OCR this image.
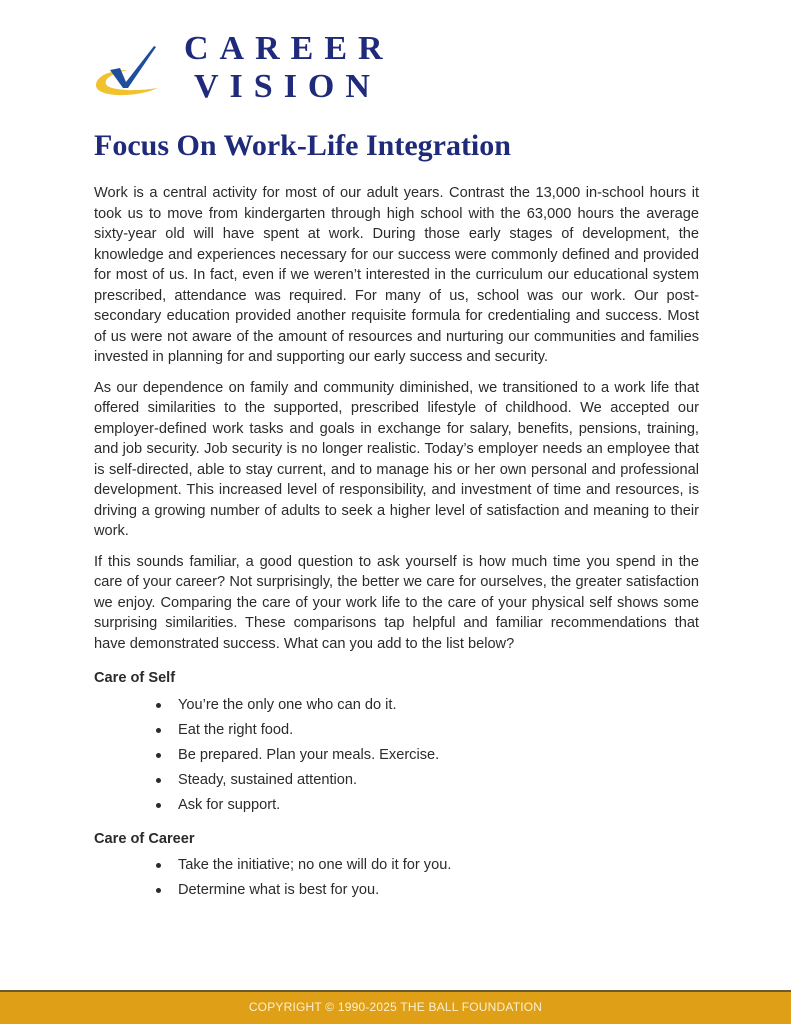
CAREER
VISION
Focus On Work-Life Integration

Work is a central activity for most of our adult years. Contrast the 13,000 in-school hours it took us to move from kindergarten through high school with the 63,000 hours the average sixty-year old will have spent at work. During those early stages of development, the knowledge and experiences necessary for our success were commonly defined and provided for most of us. In fact, even if we weren’t interested in the curriculum our educational system prescribed, attendance was required. For many of us, school was our work. Our post-secondary education provided another requisite formula for credentialing and success. Most of us were not aware of the amount of resources and nurturing our communities and families invested in planning for and supporting our early success and security.

As our dependence on family and community diminished, we transitioned to a work life that offered similarities to the supported, prescribed lifestyle of childhood. We accepted our employer-defined work tasks and goals in exchange for salary, benefits, pensions, training, and job security. Job security is no longer realistic. Today’s employer needs an employee that is self-directed, able to stay current, and to manage his or her own personal and professional development. This increased level of responsibility, and investment of time and resources, is driving a growing number of adults to seek a higher level of satisfaction and meaning to their work.

If this sounds familiar, a good question to ask yourself is how much time you spend in the care of your career? Not surprisingly, the better we care for ourselves, the greater satisfaction we enjoy. Comparing the care of your work life to the care of your physical self shows some surprising similarities. These comparisons tap helpful and familiar recommendations that have demonstrated success. What can you add to the list below?

Care of Self
You’re the only one who can do it.
Eat the right food.
Be prepared. Plan your meals. Exercise.
Steady, sustained attention.
Ask for support.
Care of Career
Take the initiative; no one will do it for you.
Determine what is best for you.
COPYRIGHT © 1990-2025 THE BALL FOUNDATION
